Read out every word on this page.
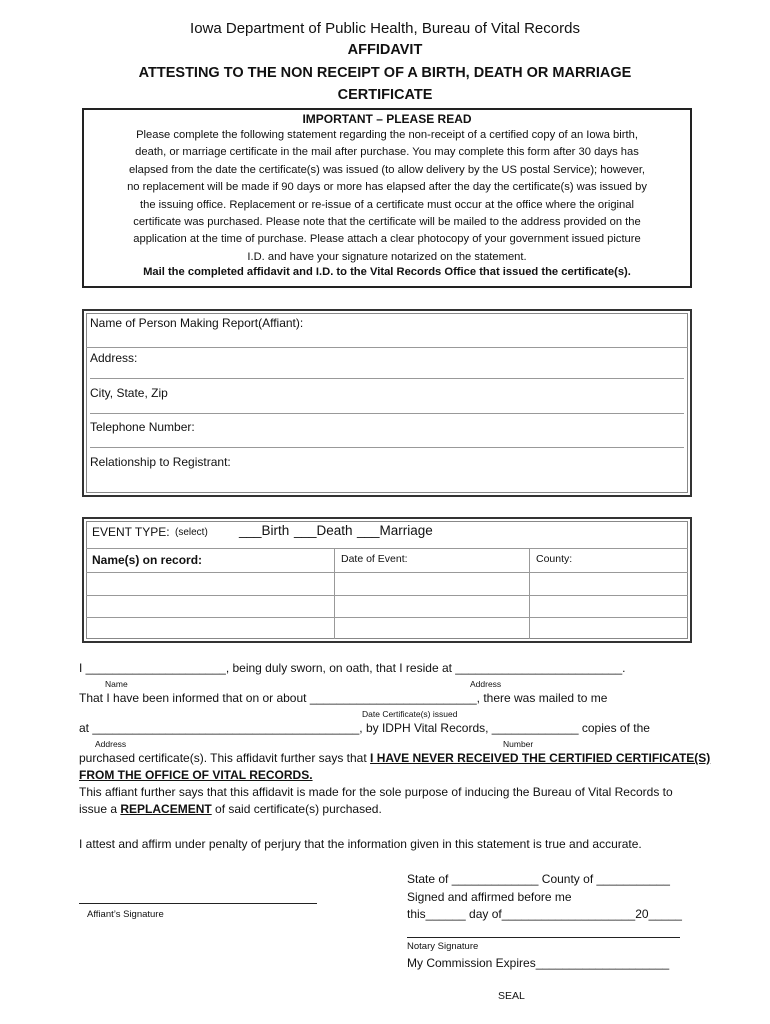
Iowa Department of Public Health, Bureau of Vital Records
AFFIDAVIT
ATTESTING TO THE NON RECEIPT OF A BIRTH, DEATH OR MARRIAGE
CERTIFICATE
IMPORTANT – PLEASE READ
Please complete the following statement regarding the non-receipt of a certified copy of an Iowa birth,
death, or marriage certificate in the mail after purchase. You may complete this form after 30 days has
elapsed from the date the certificate(s) was issued (to allow delivery by the US postal Service); however,
no replacement will be made if 90 days or more has elapsed after the day the certificate(s) was issued by
the issuing office. Replacement or re-issue of a certificate must occur at the office where the original
certificate was purchased. Please note that the certificate will be mailed to the address provided on the
application at the time of purchase. Please attach a clear photocopy of your government issued picture
I.D. and have your signature notarized on the statement.
Mail the completed affidavit and I.D. to the Vital Records Office that issued the certificate(s).
Name of Person Making Report(Affiant):
Address:
City, State, Zip
Telephone Number:
Relationship to Registrant:
EVENT TYPE: (select) ___Birth ___Death ___Marriage
Name(s) on record:	Date of Event:	County:
I _____________________, being duly sworn, on oath, that I reside at _________________________.
Name	Address
That I have been informed that on or about _________________________, there was mailed to me
Date Certificate(s) issued
at ________________________________________, by IDPH Vital Records, _____________ copies of the
Address	Number
purchased certificate(s). This affidavit further says that I HAVE NEVER RECEIVED THE CERTIFIED CERTIFICATE(S)
FROM THE OFFICE OF VITAL RECORDS.
This affiant further says that this affidavit is made for the sole purpose of inducing the Bureau of Vital Records to
issue a REPLACEMENT of said certificate(s) purchased.
I attest and affirm under penalty of perjury that the information given in this statement is true and accurate.
Affiant’s Signature
State of _____________ County of ___________
Signed and affirmed before me
this______ day of____________________20_____
Notary Signature
My Commission Expires____________________
SEAL
